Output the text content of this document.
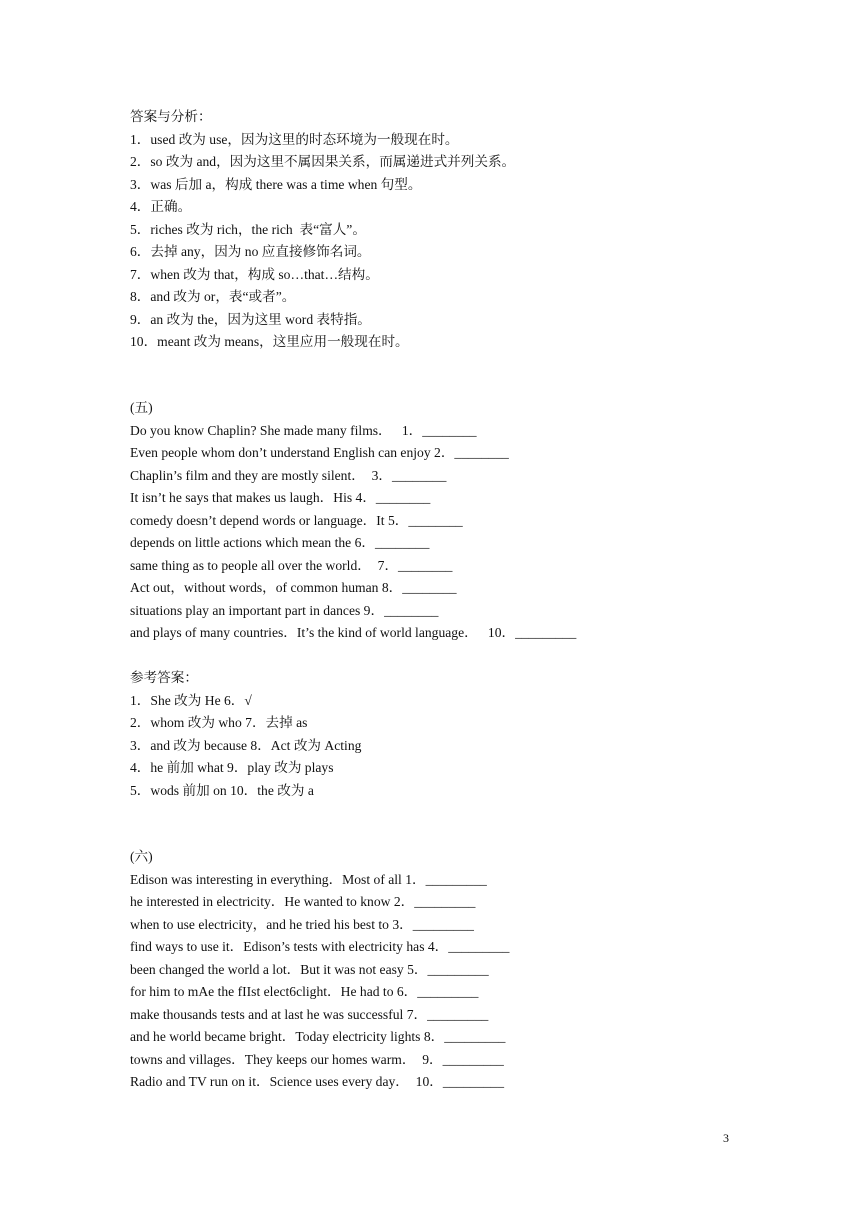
答案与分析：
1．used 改为 use，因为这里的时态环境为一般现在时。
2．so 改为 and，因为这里不属因果关系，而属递进式并列关系。
3．was 后加 a，构成 there was a time when 句型。
4．正确。
5．riches 改为 rich，the rich  表“富人”。
6．去掉 any，因为 no 应直接修饰名词。
7．when 改为 that，构成 so…that…结构。
8．and 改为 or，表“或者”。
9．an 改为 the，因为这里 word 表特指。
10．meant 改为 means，这里应用一般现在时。
(五)
Do you know Chaplin? She made many films．   1．________
Even people whom don’t understand English can enjoy 2．________
Chaplin’s film and they are mostly silent．  3．________
It isn’t he says that makes us laugh．His 4．________
comedy doesn’t depend words or language．It 5．________
depends on little actions which mean the 6．________
same thing as to people all over the world．  7．________
Act out，without words，of common human 8．________
situations play an important part in dances 9．________
and plays of many countries．It’s the kind of world language．   10．_________
参考答案：
1．She 改为 He 6．√
2．whom 改为 who 7．去掉 as
3．and 改为 because 8．Act 改为 Acting
4．he 前加 what 9．play 改为 plays
5．wods 前加 on 10．the 改为 a
(六)
Edison was interesting in everything．Most of all 1．_________
he interested in electricity．He wanted to know 2．_________
when to use electricity，and he tried his best to 3．_________
find ways to use it．Edison’s tests with electricity has 4．_________
been changed the world a lot．But it was not easy 5．_________
for him to mAe the fIIst elect6clight．He had to 6．_________
make thousands tests and at last he was successful 7．_________
and he world became bright．Today electricity lights 8．_________
towns and villages．They keeps our homes warm．  9．_________
Radio and TV run on it．Science uses every day．  10．_________
3
